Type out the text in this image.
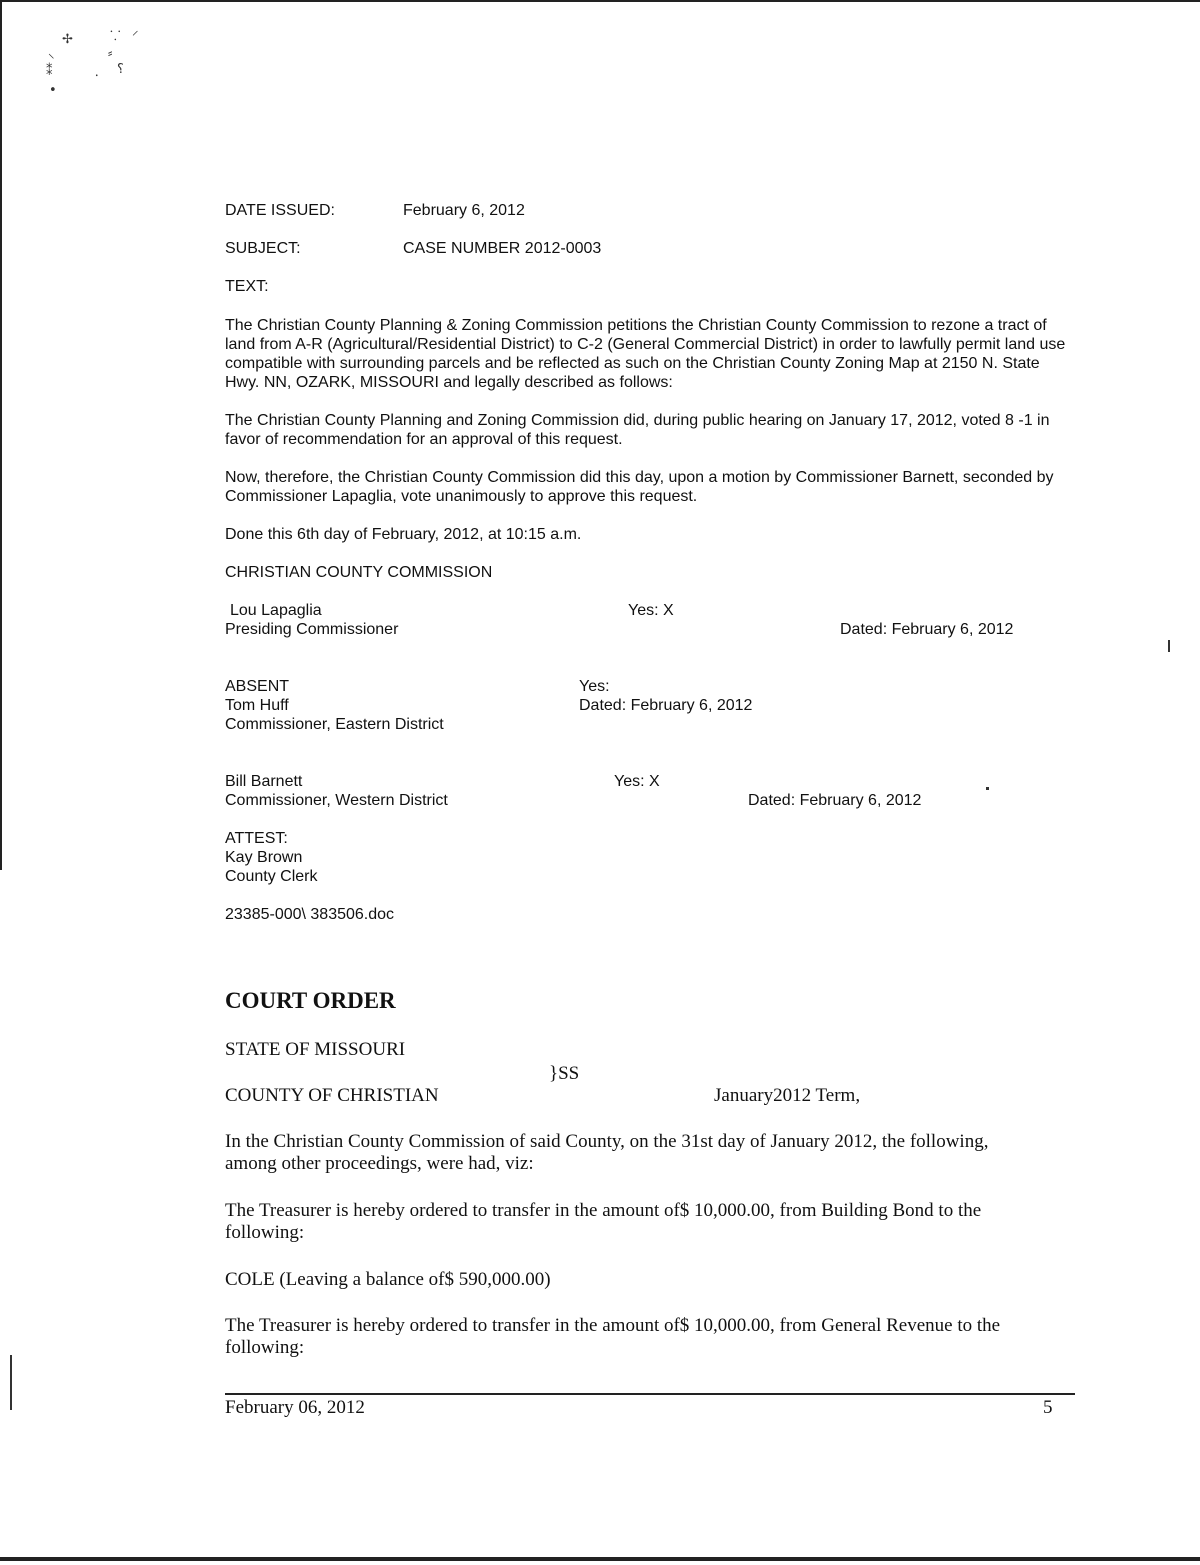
✢	⸪ ⸍
⸌	⸗
⁑	⸳ ⸮
•
DATE ISSUED:	February 6, 2012
SUBJECT:	CASE NUMBER 2012-0003
TEXT:
The Christian County Planning & Zoning Commission petitions the Christian County Commission to rezone a tract of land from A-R (Agricultural/Residential District) to C-2 (General Commercial District) in order to lawfully permit land use compatible with surrounding parcels and be reflected as such on the Christian County Zoning Map at 2150 N. State Hwy. NN, OZARK, MISSOURI and legally described as follows:
The Christian County Planning and Zoning Commission did, during public hearing on January 17, 2012, voted 8 -1 in favor of recommendation for an approval of this request.
Now, therefore, the Christian County Commission did this day, upon a motion by Commissioner Barnett, seconded by Commissioner Lapaglia, vote unanimously to approve this request.
Done this 6th day of February, 2012, at 10:15 a.m.
CHRISTIAN COUNTY COMMISSION
Lou Lapaglia
Presiding Commissioner
Yes: X
Dated: February 6, 2012
ABSENT
Tom Huff
Commissioner, Eastern District
Yes:
Dated: February 6, 2012
Bill Barnett
Commissioner, Western District
Yes: X
Dated: February 6, 2012
ATTEST:
Kay Brown
County Clerk
23385-000\ 383506.doc
COURT ORDER
STATE OF MISSOURI
}SS
COUNTY OF CHRISTIAN	January2012 Term,
In the Christian County Commission of said County, on the 31st day of January 2012, the following, among other proceedings, were had, viz:
The Treasurer is hereby ordered to transfer in the amount of$ 10,000.00, from Building Bond to the following:
COLE (Leaving a balance of$ 590,000.00)
The Treasurer is hereby ordered to transfer in the amount of$ 10,000.00, from General Revenue to the following:
February 06, 2012	5
